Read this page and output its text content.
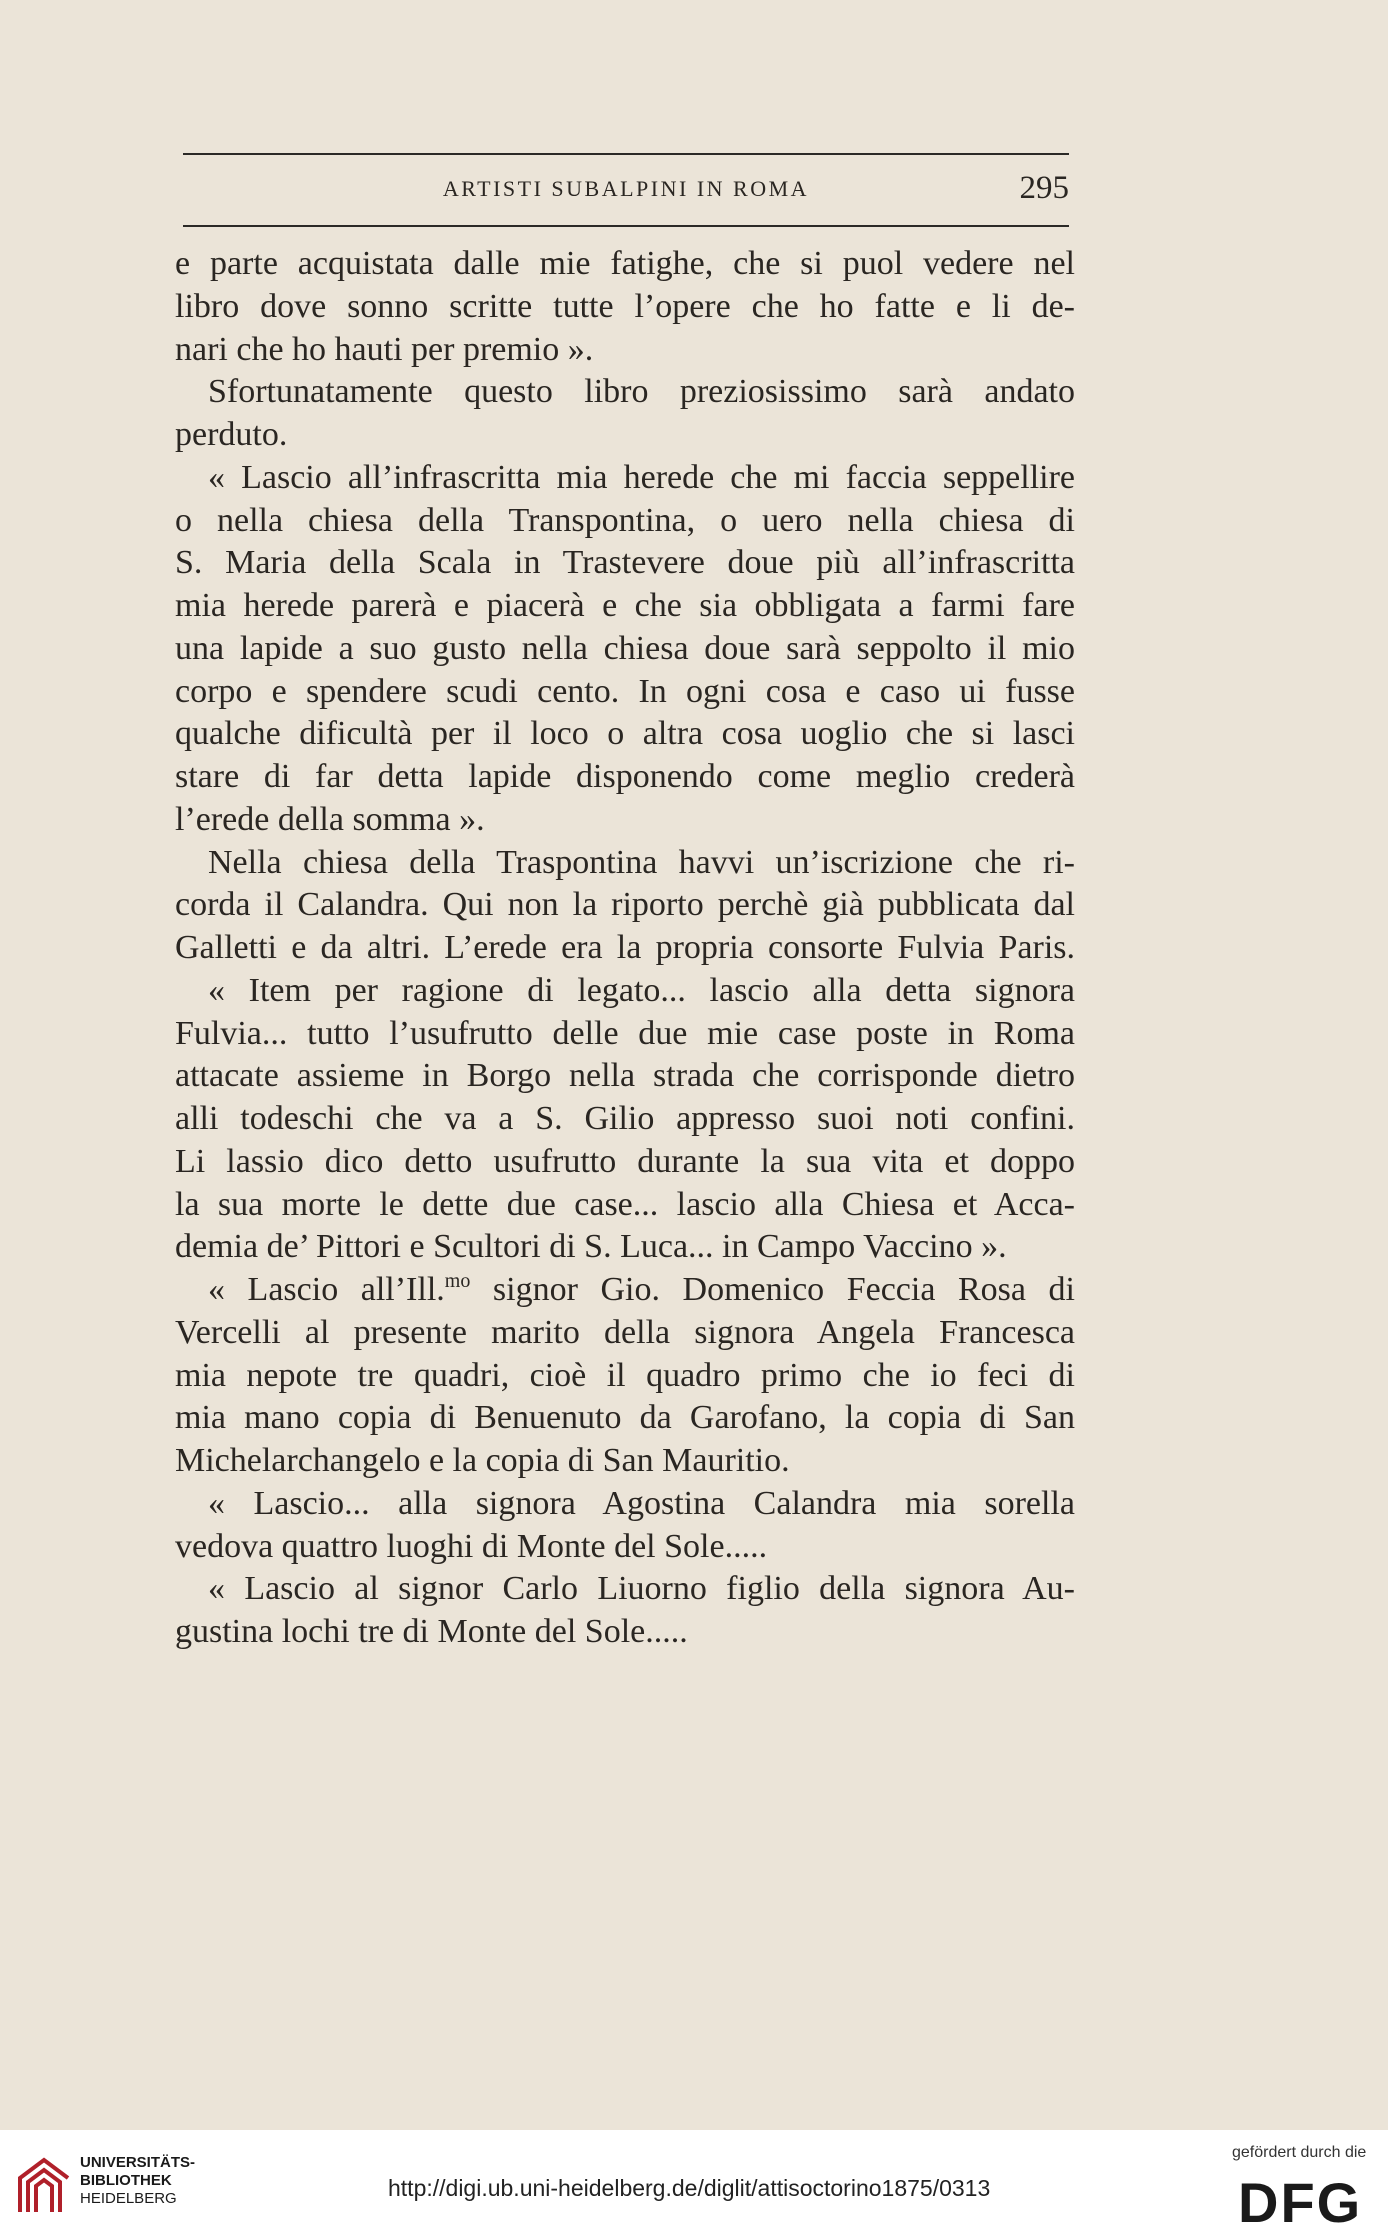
ARTISTI SUBALPINI IN ROMA	295
e parte acquistata dalle mie fatighe, che si puol vedere nel
libro dove sonno scritte tutte l’opere che ho fatte e li de-
nari che ho hauti per premio ».
Sfortunatamente questo libro preziosissimo sarà andato
perduto.
« Lascio all’infrascritta mia herede che mi faccia seppellire
o nella chiesa della Transpontina, o uero nella chiesa di
S. Maria della Scala in Trastevere doue più all’infrascritta
mia herede parerà e piacerà e che sia obbligata a farmi fare
una lapide a suo gusto nella chiesa doue sarà seppolto il mio
corpo e spendere scudi cento. In ogni cosa e caso ui fusse
qualche dificultà per il loco o altra cosa uoglio che si lasci
stare di far detta lapide disponendo come meglio crederà
l’erede della somma ».
Nella chiesa della Traspontina havvi un’iscrizione che ri-
corda il Calandra. Qui non la riporto perchè già pubblicata dal
Galletti e da altri. L’erede era la propria consorte Fulvia Paris.
« Item per ragione di legato... lascio alla detta signora
Fulvia... tutto l’usufrutto delle due mie case poste in Roma
attacate assieme in Borgo nella strada che corrisponde dietro
alli todeschi che va a S. Gilio appresso suoi noti confini.
Li lassio dico detto usufrutto durante la sua vita et doppo
la sua morte le dette due case... lascio alla Chiesa et Acca-
demia de’ Pittori e Scultori di S. Luca... in Campo Vaccino ».
« Lascio all’Ill.$^{mo}$ signor Gio. Domenico Feccia Rosa di
Vercelli al presente marito della signora Angela Francesca
mia nepote tre quadri, cioè il quadro primo che io feci di
mia mano copia di Benuenuto da Garofano, la copia di San
Michelarchangelo e la copia di San Mauritio.
« Lascio... alla signora Agostina Calandra mia sorella
vedova quattro luoghi di Monte del Sole.....
« Lascio al signor Carlo Liuorno figlio della signora Au-
gustina lochi tre di Monte del Sole.....
UNIVERSITÄTS-
BIBLIOTHEK
HEIDELBERG	http://digi.ub.uni-heidelberg.de/diglit/attisoctorino1875/0313
gefördert durch die
DFG
